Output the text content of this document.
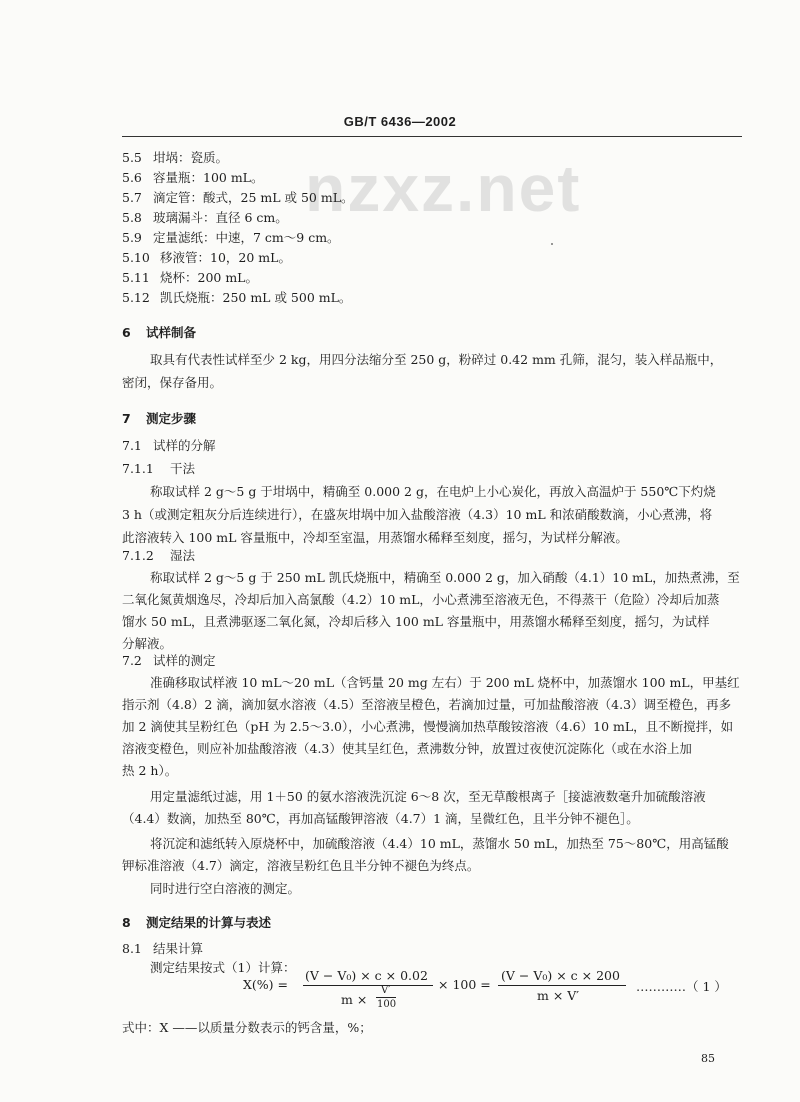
GB/T 6436—2002
nzxz.net
5.5 坩埚：瓷质。
5.6 容量瓶：100 mL。
5.7 滴定管：酸式，25 mL 或 50 mL。
5.8 玻璃漏斗：直径 6 cm。
5.9 定量滤纸：中速，7 cm～9 cm。
5.10 移液管：10，20 mL。
5.11 烧杯：200 mL。
5.12 凯氏烧瓶：250 mL 或 500 mL。
6 试样制备
取具有代表性试样至少 2 kg，用四分法缩分至 250 g，粉碎过 0.42 mm 孔筛，混匀，装入样品瓶中，
密闭，保存备用。
7 测定步骤
7.1 试样的分解
7.1.1 干法
称取试样 2 g～5 g 于坩埚中，精确至 0.000 2 g，在电炉上小心炭化，再放入高温炉于 550℃下灼烧
3 h（或测定粗灰分后连续进行），在盛灰坩埚中加入盐酸溶液（4.3）10 mL 和浓硝酸数滴，小心煮沸，将
此溶液转入 100 mL 容量瓶中，冷却至室温，用蒸馏水稀释至刻度，摇匀，为试样分解液。
7.1.2 湿法
称取试样 2 g～5 g 于 250 mL 凯氏烧瓶中，精确至 0.000 2 g，加入硝酸（4.1）10 mL，加热煮沸，至
二氧化氮黄烟逸尽，冷却后加入高氯酸（4.2）10 mL，小心煮沸至溶液无色，不得蒸干（危险）冷却后加蒸
馏水 50 mL，且煮沸驱逐二氧化氮，冷却后移入 100 mL 容量瓶中，用蒸馏水稀释至刻度，摇匀，为试样
分解液。
7.2 试样的测定
准确移取试样液 10 mL～20 mL（含钙量 20 mg 左右）于 200 mL 烧杯中，加蒸馏水 100 mL，甲基红
指示剂（4.8）2 滴，滴加氨水溶液（4.5）至溶液呈橙色，若滴加过量，可加盐酸溶液（4.3）调至橙色，再多
加 2 滴使其呈粉红色（pH 为 2.5～3.0），小心煮沸，慢慢滴加热草酸铵溶液（4.6）10 mL，且不断搅拌，如
溶液变橙色，则应补加盐酸溶液（4.3）使其呈红色，煮沸数分钟，放置过夜使沉淀陈化（或在水浴上加
热 2 h）。
用定量滤纸过滤，用 1＋50 的氨水溶液洗沉淀 6～8 次，至无草酸根离子［接滤液数毫升加硫酸溶液
（4.4）数滴，加热至 80℃，再加高锰酸钾溶液（4.7）1 滴，呈微红色，且半分钟不褪色］。
将沉淀和滤纸转入原烧杯中，加硫酸溶液（4.4）10 mL，蒸馏水 50 mL，加热至 75～80℃，用高锰酸
钾标准溶液（4.7）滴定，溶液呈粉红色且半分钟不褪色为终点。
同时进行空白溶液的测定。
8 测定结果的计算与表述
8.1 结果计算
测定结果按式（1）计算：
X(%) =
(V − V₀) × c × 0.02
m ×
V′
100
× 100 =
(V − V₀) × c × 200
m × V′
…………（ 1 ）
式中：X ——以质量分数表示的钙含量，%；
85
